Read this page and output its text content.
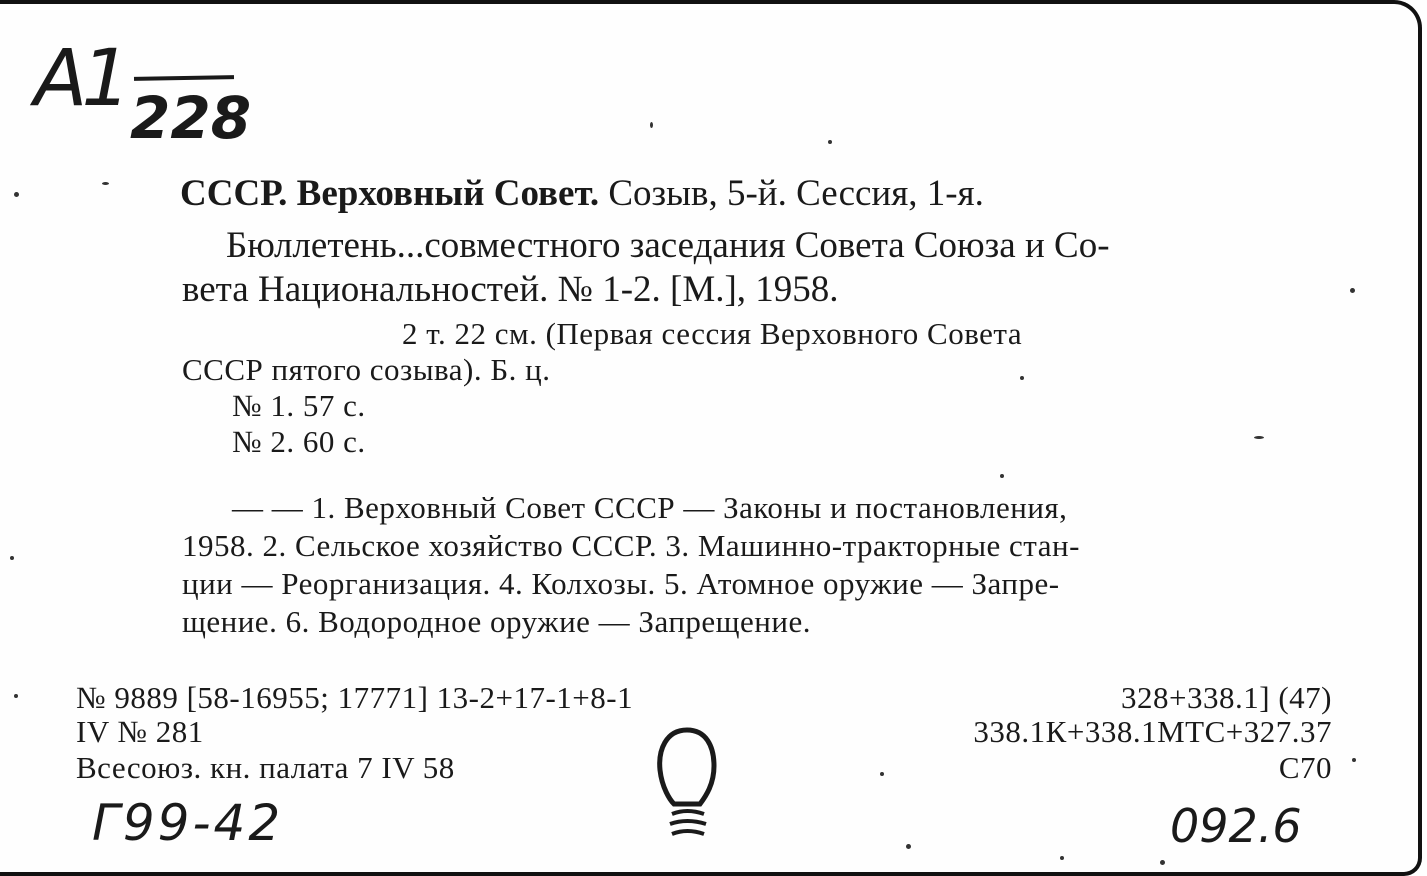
А1 228
СССР. Верховный Совет. Созыв, 5-й. Сессия, 1-я.
Бюллетень...совместного заседания Совета Союза и Со-
вета Национальностей. № 1-2. [М.], 1958.
2 т. 22 см. (Первая сессия Верховного Совета
СССР пятого созыва). Б. ц.
№ 1. 57 с.
№ 2. 60 с.
— — 1. Верховный Совет СССР — Законы и постановления,
1958. 2. Сельское хозяйство СССР. 3. Машинно-тракторные стан-
ции — Реорганизация. 4. Колхозы. 5. Атомное оружие — Запре-
щение. 6. Водородное оружие — Запрещение.
№ 9889 [58-16955; 17771] 13-2+17-1+8-1
IV № 281
Всесоюз. кн. палата 7 IV 58
328+338.1] (47)
338.1К+338.1МТС+327.37
С70
Г99-42	092.6
